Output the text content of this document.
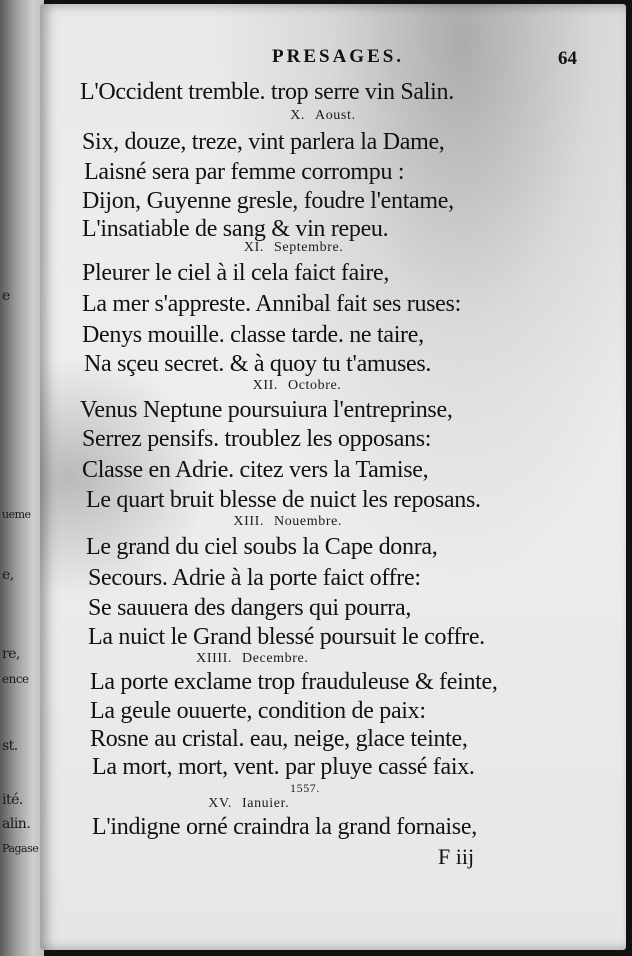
e
ueme
e,
re,
ence
st.
ité.
alin.
Pagase
PRESAGES.	64
L'Occident tremble. trop serre vin Salin.
X. Aoust.
Six, douze, treze, vint parlera la Dame,
Laisné sera par femme corrompu :
Dijon, Guyenne gresle, foudre l'entame,
L'insatiable de sang & vin repeu.
XI. Septembre.
Pleurer le ciel à il cela faict faire,
La mer s'appreste. Annibal fait ses ruses:
Denys mouille. classe tarde. ne taire,
Na sçeu secret. & à quoy tu t'amuses.
XII. Octobre.
Venus Neptune poursuiura l'entreprinse,
Serrez pensifs. troublez les opposans:
Classe en Adrie. citez vers la Tamise,
Le quart bruit blesse de nuict les reposans.
XIII. Nouembre.
Le grand du ciel soubs la Cape donra,
Secours. Adrie à la porte faict offre:
Se sauuera des dangers qui pourra,
La nuict le Grand blessé poursuit le coffre.
XIIII. Decembre.
La porte exclame trop frauduleuse & feinte,
La geule ouuerte, condition de paix:
Rosne au cristal. eau, neige, glace teinte,
La mort, mort, vent. par pluye cassé faix.
1557.
XV. Ianuier.
L'indigne orné craindra la grand fornaise,
F iij
